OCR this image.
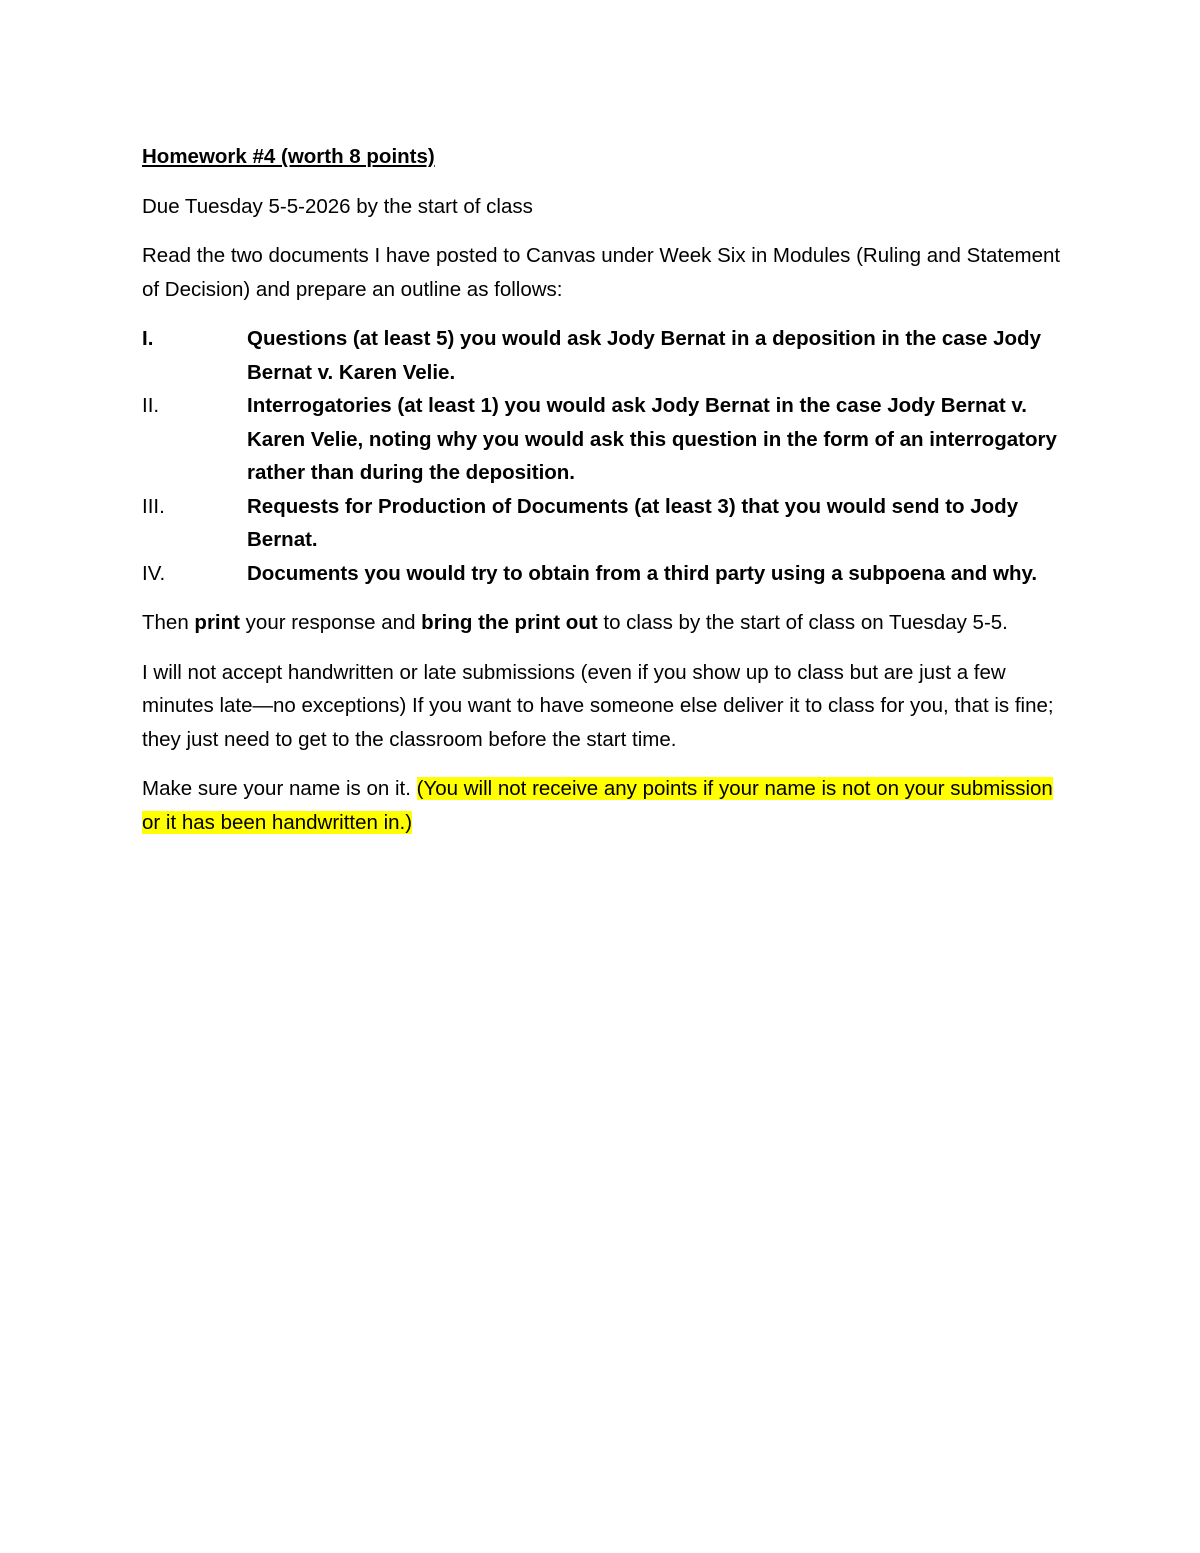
Homework #4 (worth 8 points)

Due Tuesday 5-5-2026 by the start of class

Read the two documents I have posted to Canvas under Week Six in Modules (Ruling and Statement of Decision) and prepare an outline as follows:

I.	Questions (at least 5) you would ask Jody Bernat in a deposition in the case Jody Bernat v. Karen Velie.
II.	Interrogatories (at least 1) you would ask Jody Bernat in the case Jody Bernat v. Karen Velie, noting why you would ask this question in the form of an interrogatory rather than during the deposition.
III.	Requests for Production of Documents (at least 3) that you would send to Jody Bernat.
IV.	Documents you would try to obtain from a third party using a subpoena and why.

Then print your response and bring the print out to class by the start of class on Tuesday 5-5.

I will not accept handwritten or late submissions (even if you show up to class but are just a few minutes late—no exceptions) If you want to have someone else deliver it to class for you, that is fine; they just need to get to the classroom before the start time.

Make sure your name is on it. (You will not receive any points if your name is not on your submission or it has been handwritten in.)
